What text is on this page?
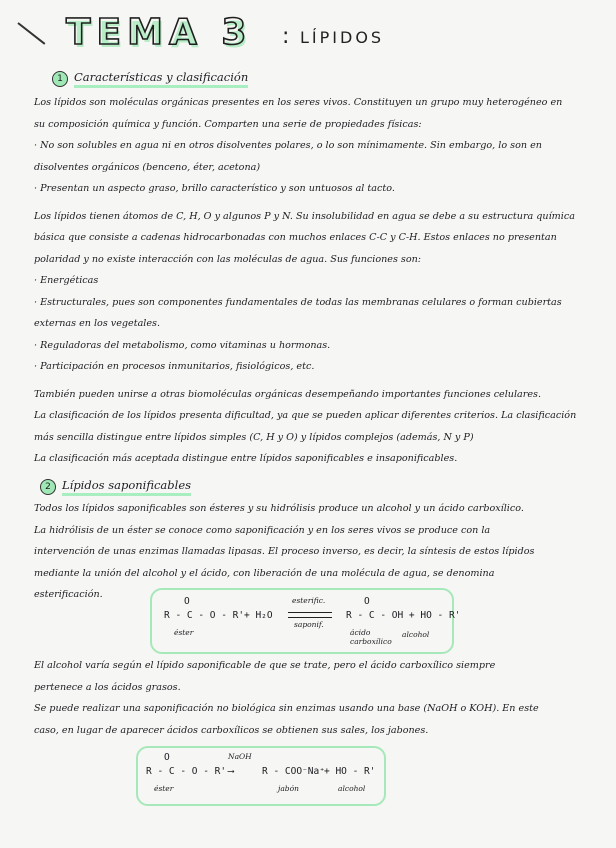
TEMA 3 : LÍPIDOS
1 Características y clasificación

Los lípidos son moléculas orgánicas presentes en los seres vivos. Constituyen un grupo muy heterogéneo en

su composición química y función. Comparten una serie de propiedades físicas:

· No son solubles en agua ni en otros disolventes polares, o lo son mínimamente. Sin embargo, lo son en

disolventes orgánicos (benceno, éter, acetona)

· Presentan un aspecto graso, brillo característico y son untuosos al tacto.

Los lípidos tienen átomos de C, H, O y algunos P y N. Su insolubilidad en agua se debe a su estructura química

básica que consiste a cadenas hidrocarbonadas con muchos enlaces C-C y C-H. Estos enlaces no presentan

polaridad y no existe interacción con las moléculas de agua. Sus funciones son:

· Energéticas

· Estructurales, pues son componentes fundamentales de todas las membranas celulares o forman cubiertas

externas en los vegetales.

· Reguladoras del metabolismo, como vitaminas u hormonas.

· Participación en procesos inmunitarios, fisiológicos, etc.

También pueden unirse a otras biomoléculas orgánicas desempeñando importantes funciones celulares.

La clasificación de los lípidos presenta dificultad, ya que se pueden aplicar diferentes criterios. La clasificación

más sencilla distingue entre lípidos simples (C, H y O) y lípidos complejos (además, N y P)

La clasificación más aceptada distingue entre lípidos saponificables e insaponificables.

2 Lípidos saponificables

Todos los lípidos saponificables son ésteres y su hidrólisis produce un alcohol y un ácido carboxílico.

La hidrólisis de un éster se conoce como saponificación y en los seres vivos se produce con la

intervención de unas enzimas llamadas lipasas. El proceso inverso, es decir, la síntesis de estos lípidos

mediante la unión del alcohol y el ácido, con liberación de una molécula de agua, se denomina

esterificación.

O
R - C - O - R'
éster
+ H₂O
esterific.
saponif.
O
R - C - OH + HO - R'
ácido carboxílico
alcohol

El alcohol varía según el lípido saponificable de que se trate, pero el ácido carboxílico siempre

pertenece a los ácidos grasos.

Se puede realizar una saponificación no biológica sin enzimas usando una base (NaOH o KOH). En este

caso, en lugar de aparecer ácidos carboxílicos se obtienen sus sales, los jabones.

O
R - C - O - R'
éster
NaOH
⟶	R - COO⁻Na⁺
jabón
+ HO - R'
alcohol
